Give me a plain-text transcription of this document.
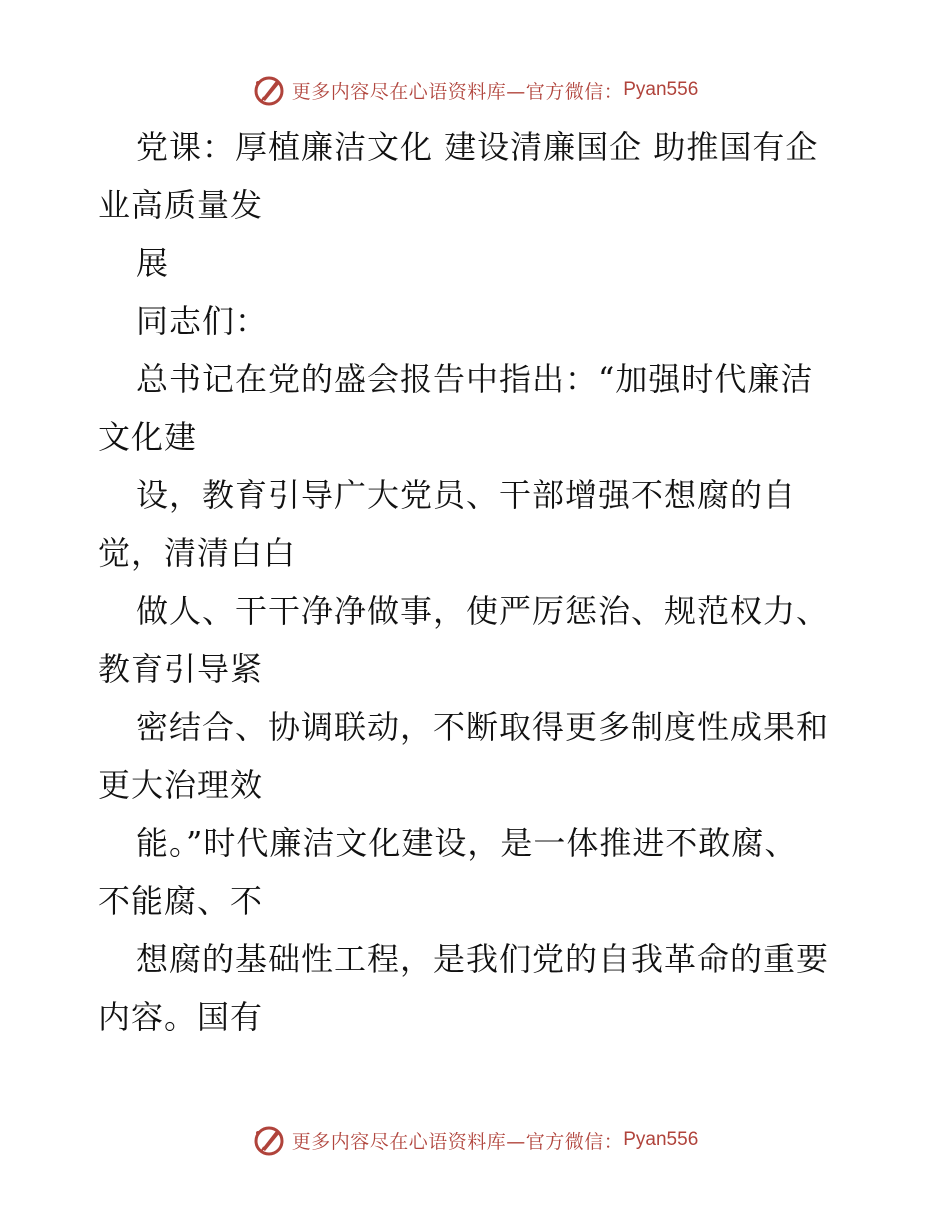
更多内容尽在心语资料库—官方微信： Pyan556
党课：厚植廉洁文化 建设清廉国企 助推国有企
业高质量发
展
同志们：
总书记在党的盛会报告中指出：“加强时代廉洁
文化建
设，教育引导广大党员、干部增强不想腐的自
觉，清清白白
做人、干干净净做事，使严厉惩治、规范权力、
教育引导紧
密结合、协调联动，不断取得更多制度性成果和
更大治理效
能。”时代廉洁文化建设，是一体推进不敢腐、
不能腐、不
想腐的基础性工程，是我们党的自我革命的重要
内容。国有
更多内容尽在心语资料库—官方微信： Pyan556
